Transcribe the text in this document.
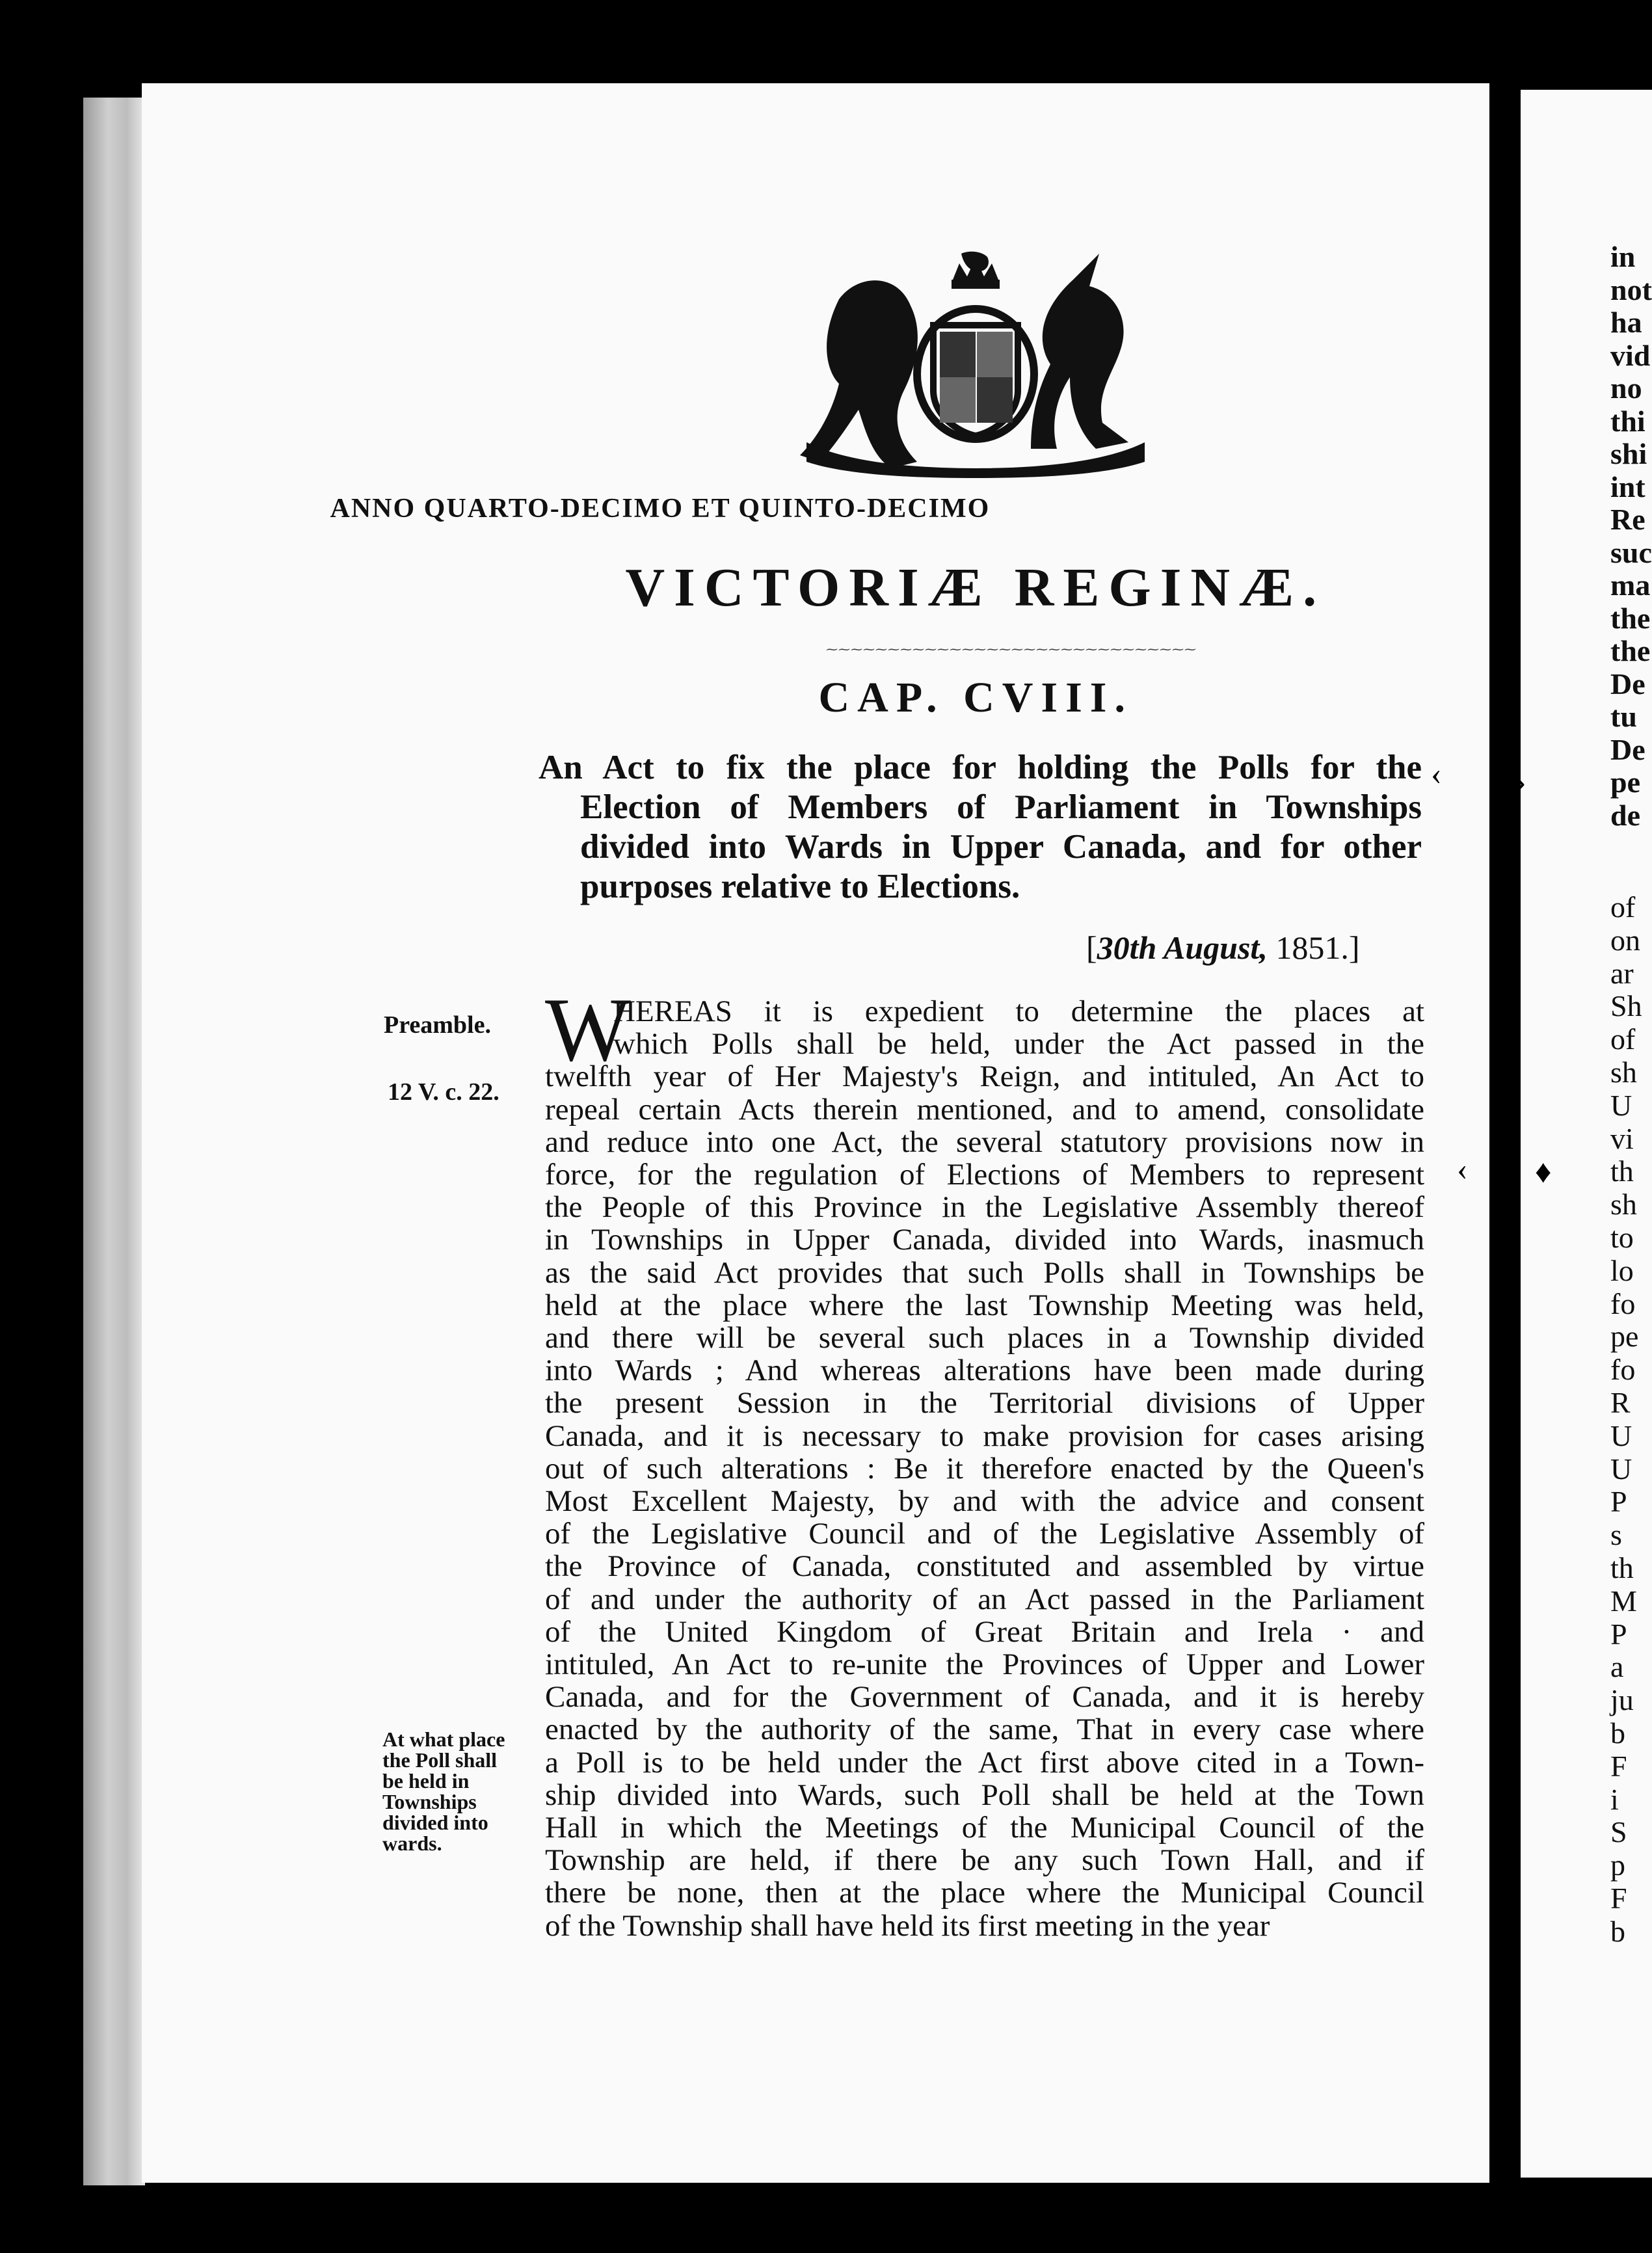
ANNO QUARTO-DECIMO ET QUINTO-DECIMO
VICTORIÆ REGINÆ.
⁓⁓⁓⁓⁓⁓⁓⁓⁓⁓⁓⁓⁓⁓⁓⁓⁓⁓⁓⁓⁓⁓⁓⁓⁓⁓⁓⁓⁓⁓
CAP. CVIII.
An Act to fix the place for holding the Polls for the
Election of Members of Parliament in Townships
divided into Wards in Upper Canada, and for other
purposes relative to Elections.
[30th August, 1851.]
Preamble.
12 V. c. 22.
At what place
the Poll shall
be held in
Townships
divided into
wards.
W
HEREAS it is expedient to determine the places at
which Polls shall be held, under the Act passed in the
twelfth year of Her Majesty's Reign, and intituled, An Act to
repeal certain Acts therein mentioned, and to amend, consolidate
and reduce into one Act, the several statutory provisions now in
force, for the regulation of Elections of Members to represent
the People of this Province in the Legislative Assembly thereof
in Townships in Upper Canada, divided into Wards, inasmuch
as the said Act provides that such Polls shall in Townships be
held at the place where the last Township Meeting was held,
and there will be several such places in a Township divided
into Wards ; And whereas alterations have been made during
the present Session in the Territorial divisions of Upper
Canada, and it is necessary to make provision for cases arising
out of such alterations : Be it therefore enacted by the Queen's
Most Excellent Majesty, by and with the advice and consent
of the Legislative Council and of the Legislative Assembly of
the Province of Canada, constituted and assembled by virtue
of and under the authority of an Act passed in the Parliament
of the United Kingdom of Great Britain and Irela · and
intituled, An Act to re-unite the Provinces of Upper and Lower
Canada, and for the Government of Canada, and it is hereby
enacted by the authority of the same, That in every case where
a Poll is to be held under the Act first above cited in a Town-
ship divided into Wards, such Poll shall be held at the Town
Hall in which the Meetings of the Municipal Council of the
Township are held, if there be any such Town Hall, and if
there be none, then at the place where the Municipal Council
of the Township shall have held its first meeting in the year
in
not
ha
vid
no
thi
shi
int
Re
suc
ma
the
the
De
tu
De
pe
de
of
on
ar
Sh
of
sh
U
vi
th
sh
to
lo
fo
pe
fo
R
U
U
P
s
th
M
P
a
ju
b
F
i
S
p
F
b
‹ ›
‹ ♦
